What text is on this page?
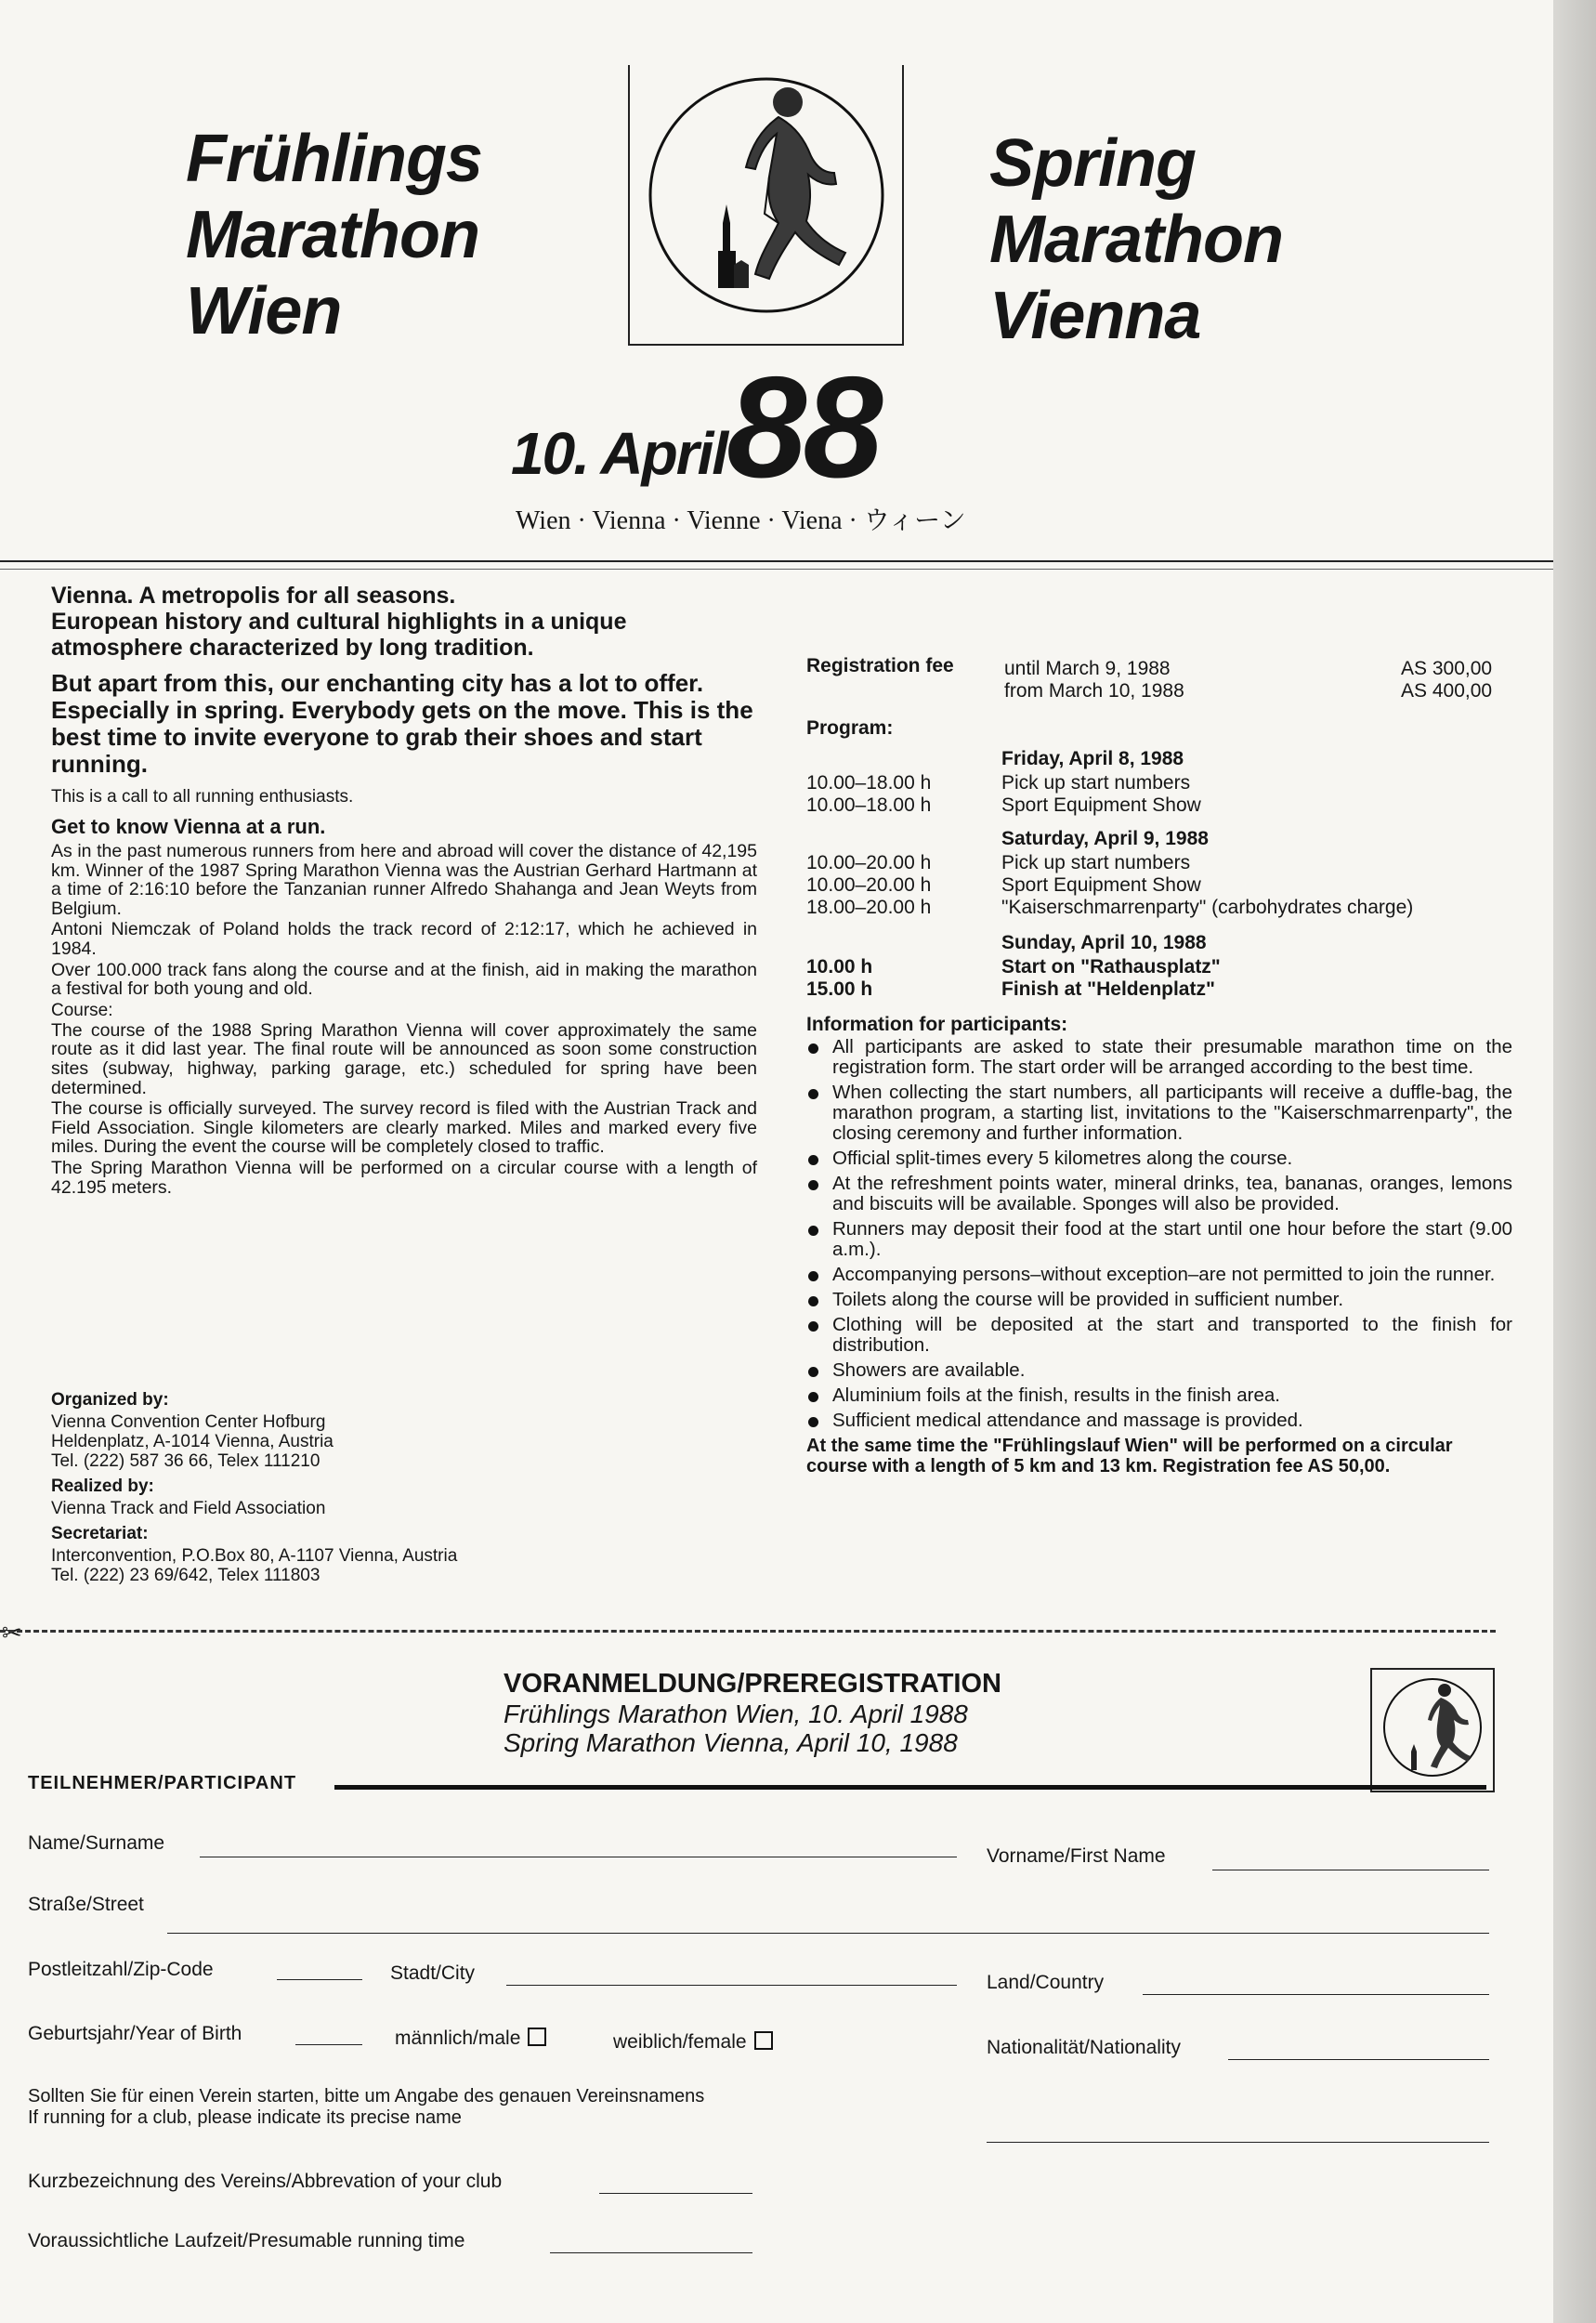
Frühlings
Marathon
Wien
Spring
Marathon
Vienna
10. April88
Wien · Vienna · Vienne · Viena · ウィーン

Vienna. A metropolis for all seasons.
European history and cultural highlights in a unique atmosphere characterized by long tradition.

But apart from this, our enchanting city has a lot to offer. Especially in spring. Everybody gets on the move. This is the best time to invite everyone to grab their shoes and start running.

This is a call to all running enthusiasts.

Get to know Vienna at a run.

As in the past numerous runners from here and abroad will cover the distance of 42,195 km. Winner of the 1987 Spring Marathon Vienna was the Austrian Gerhard Hartmann at a time of 2:16:10 before the Tanzanian runner Alfredo Shahanga and Jean Weyts from Belgium.

Antoni Niemczak of Poland holds the track record of 2:12:17, which he achieved in 1984.

Over 100.000 track fans along the course and at the finish, aid in making the marathon a festival for both young and old.

Course:

The course of the 1988 Spring Marathon Vienna will cover approximately the same route as it did last year. The final route will be announced as soon some construction sites (subway, highway, parking garage, etc.) scheduled for spring have been determined.

The course is officially surveyed. The survey record is filed with the Austrian Track and Field Association. Single kilometers are clearly marked. Miles and marked every five miles. During the event the course will be completely closed to traffic.

The Spring Marathon Vienna will be performed on a circular course with a length of 42.195 meters.

Organized by:

Vienna Convention Center Hofburg

Heldenplatz, A-1014 Vienna, Austria

Tel. (222) 587 36 66, Telex 111210

Realized by:

Vienna Track and Field Association

Secretariat:

Interconvention, P.O.Box 80, A-1107 Vienna, Austria

Tel. (222) 23 69/642, Telex 111803

Registration fee	until March 9, 1988	AS 300,00
from March 10, 1988	AS 400,00
Program:
Friday, April 8, 1988
10.00–18.00 h	Pick up start numbers
10.00–18.00 h	Sport Equipment Show
Saturday, April 9, 1988
10.00–20.00 h	Pick up start numbers
10.00–20.00 h	Sport Equipment Show
18.00–20.00 h	"Kaiserschmarrenparty" (carbohydrates charge)
Sunday, April 10, 1988
10.00 h	Start on "Rathausplatz"
15.00 h	Finish at "Heldenplatz"
Information for participants:
All participants are asked to state their presumable marathon time on the registration form. The start order will be arranged according to the best time.
When collecting the start numbers, all participants will receive a duffle-bag, the marathon program, a starting list, invitations to the "Kaiserschmarrenparty", the closing ceremony and further information.
Official split-times every 5 kilometres along the course.
At the refreshment points water, mineral drinks, tea, bananas, oranges, lemons and biscuits will be available. Sponges will also be provided.
Runners may deposit their food at the start until one hour before the start (9.00 a.m.).
Accompanying persons–without exception–are not permitted to join the runner.
Toilets along the course will be provided in sufficient number.
Clothing will be deposited at the start and transported to the finish for distribution.
Showers are available.
Aluminium foils at the finish, results in the finish area.
Sufficient medical attendance and massage is provided.
At the same time the "Frühlingslauf Wien" will be performed on a circular course with a length of 5 km and 13 km. Registration fee AS 50,00.
✂
VORANMELDUNG/PREREGISTRATION
Frühlings Marathon Wien, 10. April 1988
Spring Marathon Vienna, April 10, 1988
TEILNEHMER/PARTICIPANT
Name/Surname
Vorname/First Name
Straße/Street
Postleitzahl/Zip-Code	Stadt/City	Land/Country
Geburtsjahr/Year of Birth	männlich/male	weiblich/female	Nationalität/Nationality
Sollten Sie für einen Verein starten, bitte um Angabe des genauen Vereinsnamens
If running for a club, please indicate its precise name
Kurzbezeichnung des Vereins/Abbrevation of your club
Voraussichtliche Laufzeit/Presumable running time
